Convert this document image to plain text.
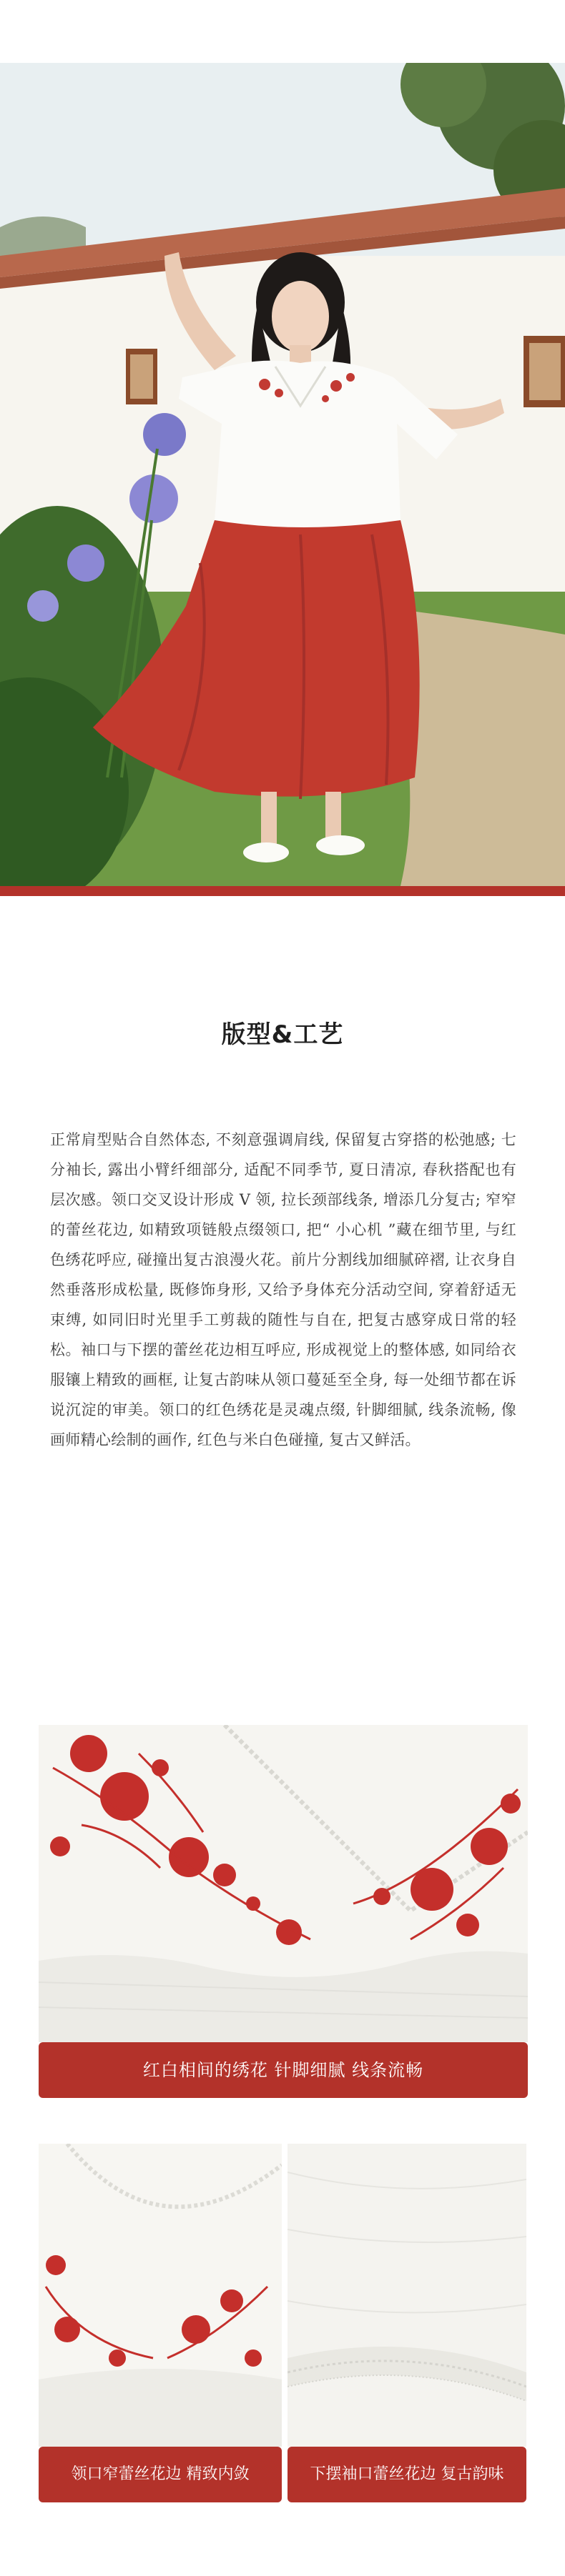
版型&工艺
正常肩型贴合自然体态, 不刻意强调肩线, 保留复古穿搭的松弛感; 七分袖长, 露出小臂纤细部分, 适配不同季节, 夏日清凉, 春秋搭配也有层次感。领口交叉设计形成 V 领, 拉长颈部线条, 增添几分复古; 窄窄的蕾丝花边, 如精致项链般点缀领口, 把“ 小心机 ”藏在细节里, 与红色绣花呼应, 碰撞出复古浪漫火花。前片分割线加细腻碎褶, 让衣身自然垂落形成松量, 既修饰身形, 又给予身体充分活动空间, 穿着舒适无束缚, 如同旧时光里手工剪裁的随性与自在, 把复古感穿成日常的轻松。袖口与下摆的蕾丝花边相互呼应, 形成视觉上的整体感, 如同给衣服镶上精致的画框, 让复古韵味从领口蔓延至全身, 每一处细节都在诉说沉淀的审美。领口的红色绣花是灵魂点缀, 针脚细腻, 线条流畅, 像画师精心绘制的画作, 红色与米白色碰撞, 复古又鲜活。
红白相间的绣花 针脚细腻 线条流畅
领口窄蕾丝花边 精致内敛	下摆袖口蕾丝花边 复古韵味
